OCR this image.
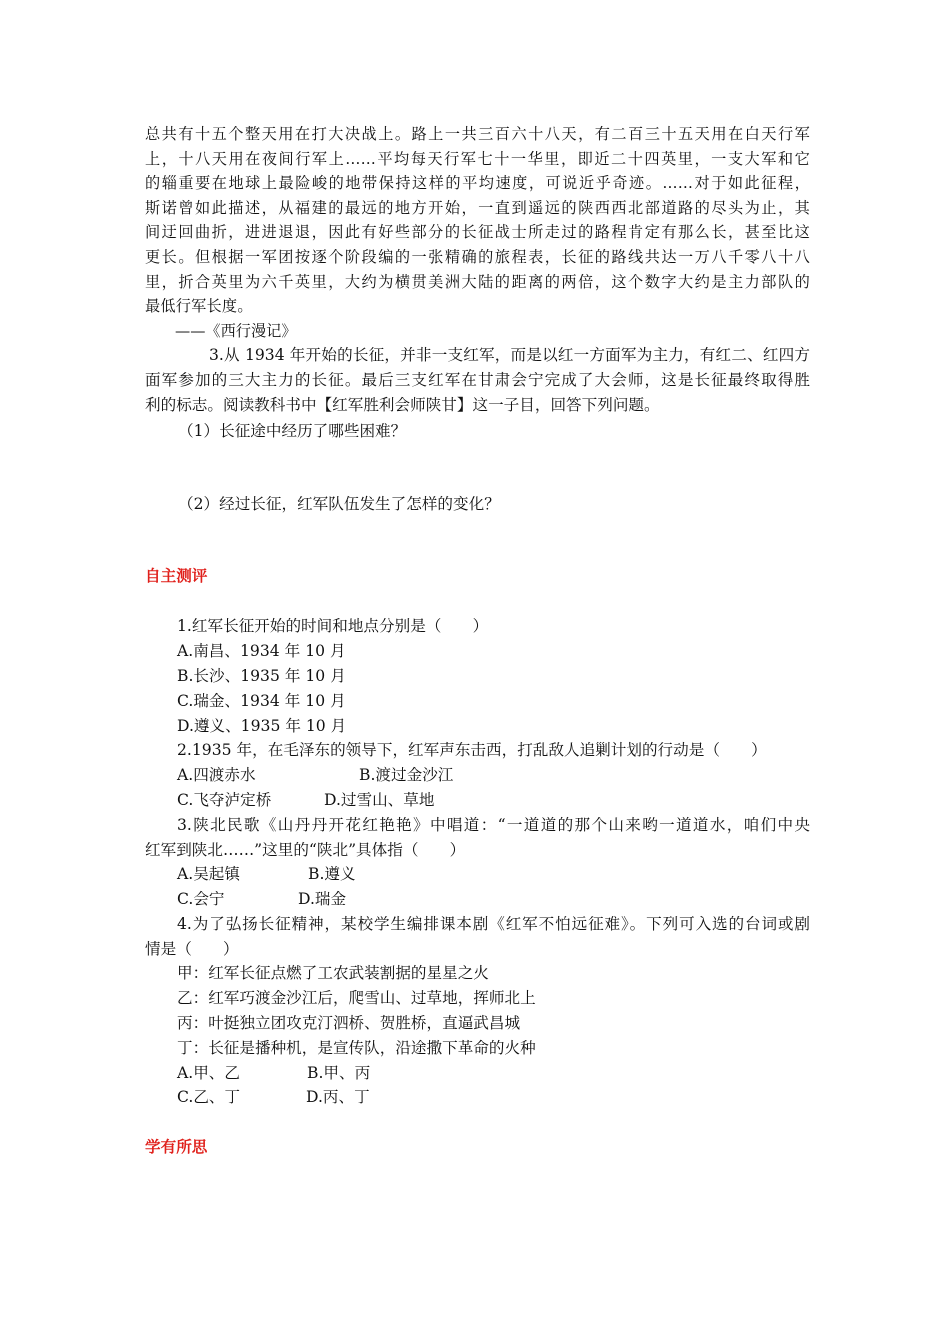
总共有十五个整天用在打大决战上。路上一共三百六十八天，有二百三十五天用在白天行军

上，十八天用在夜间行军上……平均每天行军七十一华里，即近二十四英里，一支大军和它

的辎重要在地球上最险峻的地带保持这样的平均速度，可说近乎奇迹。……对于如此征程，

斯诺曾如此描述，从福建的最远的地方开始，一直到遥远的陕西西北部道路的尽头为止，其

间迂回曲折，进进退退，因此有好些部分的长征战士所走过的路程肯定有那么长，甚至比这

更长。但根据一军团按逐个阶段编的一张精确的旅程表，长征的路线共达一万八千零八十八

里，折合英里为六千英里，大约为横贯美洲大陆的距离的两倍，这个数字大约是主力部队的

最低行军长度。

——《西行漫记》

3.从 1934 年开始的长征，并非一支红军，而是以红一方面军为主力，有红二、红四方

面军参加的三大主力的长征。最后三支红军在甘肃会宁完成了大会师，这是长征最终取得胜

利的标志。阅读教科书中【红军胜利会师陕甘】这一子目，回答下列问题。

（1）长征途中经历了哪些困难？

（2）经过长征，红军队伍发生了怎样的变化？

自主测评

1.红军长征开始的时间和地点分别是（　　）

A.南昌、1934 年 10 月

B.长沙、1935 年 10 月

C.瑞金、1934 年 10 月

D.遵义、1935 年 10 月

2.1935 年，在毛泽东的领导下，红军声东击西，打乱敌人追剿计划的行动是（　　）

A.四渡赤水	B.渡过金沙江

C.飞夺泸定桥	D.过雪山、草地

3.陕北民歌《山丹丹开花红艳艳》中唱道：“一道道的那个山来哟一道道水，咱们中央

红军到陕北……”这里的“陕北”具体指（　　）

A.吴起镇	B.遵义

C.会宁	D.瑞金

4.为了弘扬长征精神，某校学生编排课本剧《红军不怕远征难》。下列可入选的台词或剧

情是（　　）

甲：红军长征点燃了工农武装割据的星星之火

乙：红军巧渡金沙江后，爬雪山、过草地，挥师北上

丙：叶挺独立团攻克汀泗桥、贺胜桥，直逼武昌城

丁：长征是播种机，是宣传队，沿途撒下革命的火种

A.甲、乙	B.甲、丙

C.乙、丁	D.丙、丁

学有所思
